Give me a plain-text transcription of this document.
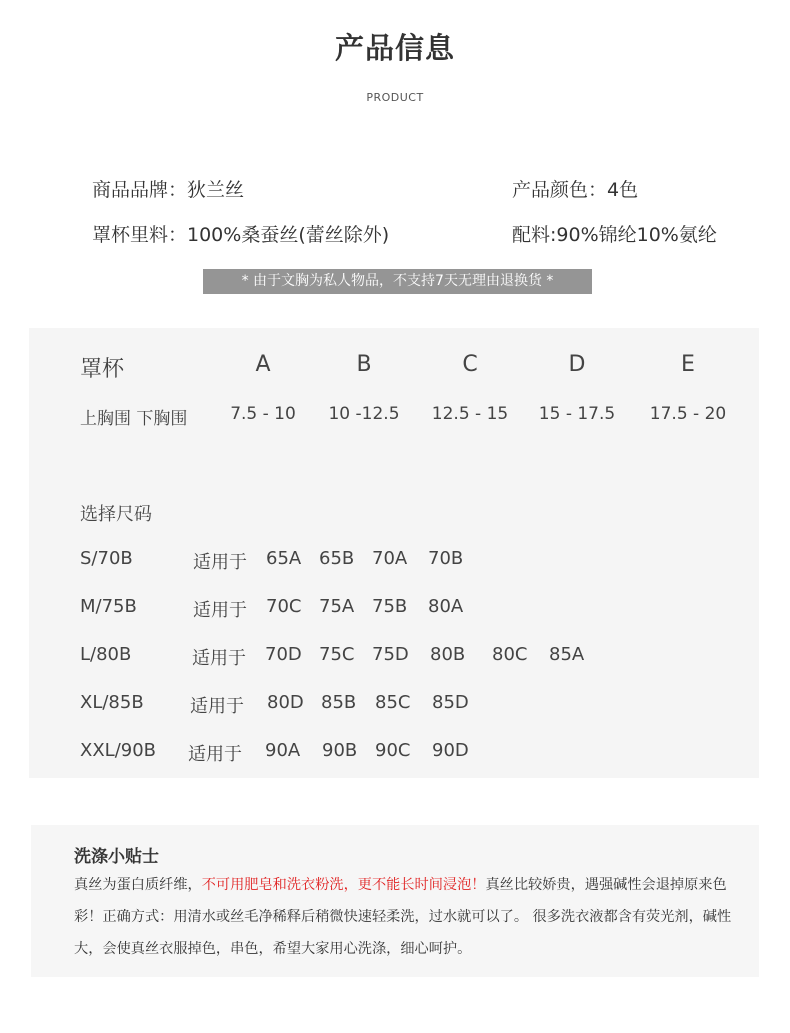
产品信息
PRODUCT
商品品牌：狄兰丝	产品颜色：4色
罩杯里料：100%桑蚕丝(蕾丝除外)	配料:90%锦纶10%氨纶
* 由于文胸为私人物品，不支持7天无理由退换货 *
罩杯	A	B	C	D	E
上胸围 下胸围	7.5 - 10	10 -12.5	12.5 - 15	15 - 17.5	17.5 - 20
选择尺码
S/70B	适用于 65A 65B 70A 70B
M/75B	适用于 70C 75A 75B 80A
L/80B	适用于 70D 75C 75D 80B 80C 85A
XL/85B	适用于 80D 85B 85C 85D
XXL/90B 适用于 90A 90B 90C 90D
洗涤小贴士
真丝为蛋白质纤维，不可用肥皂和洗衣粉洗，更不能长时间浸泡！真丝比较娇贵，遇强碱性会退掉原来色彩！正确方式：用清水或丝毛净稀释后稍微快速轻柔洗，过水就可以了。 很多洗衣液都含有荧光剂，碱性大，会使真丝衣服掉色，串色，希望大家用心洗涤，细心呵护。
